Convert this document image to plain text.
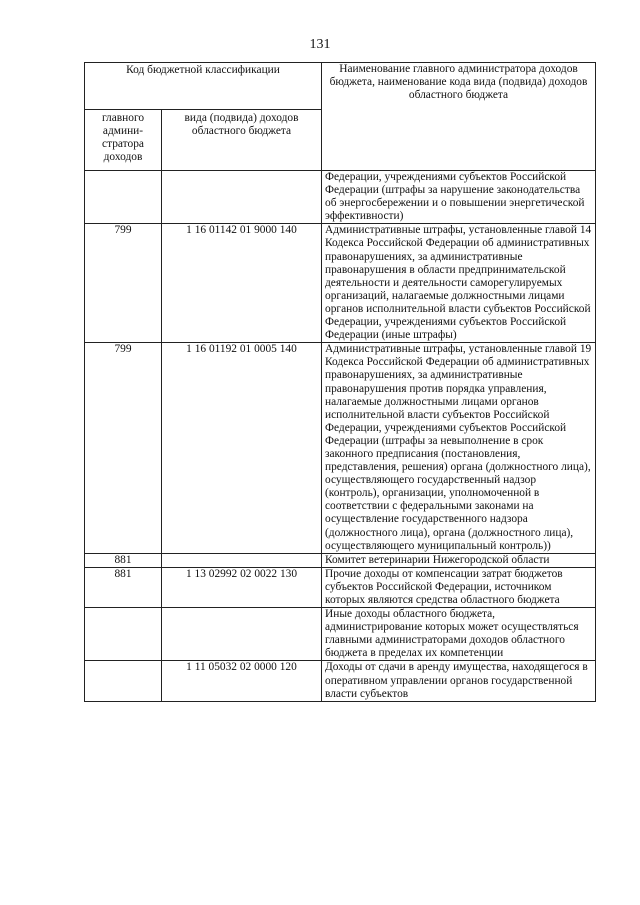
131
Код бюджетной классификации		Наименование главного администратора доходов бюджета, наименование кода вида (подвида) доходов областного бюджета
главного админи-стратора доходов	вида (подвида) доходов областного бюджета	
		Федерации, учреждениями субъектов Российской Федерации (штрафы за нарушение законодательства об энергосбережении и о повышении энергетической эффективности)
799	1 16 01142 01 9000 140	Административные штрафы, установленные главой 14 Кодекса Российской Федерации об административных правонарушениях, за административные правонарушения в области предпринимательской деятельности и деятельности саморегулируемых организаций, налагаемые должностными лицами органов исполнительной власти субъектов Российской Федерации, учреждениями субъектов Российской Федерации (иные штрафы)
799	1 16 01192 01 0005 140	Административные штрафы, установленные главой 19 Кодекса Российской Федерации об административных правонарушениях, за административные правонарушения против порядка управления, налагаемые должностными лицами органов исполнительной власти субъектов Российской Федерации, учреждениями субъектов Российской Федерации (штрафы за невыполнение в срок законного предписания (постановления, представления, решения) органа (должностного лица), осуществляющего государственный надзор (контроль), организации, уполномоченной в соответствии с федеральными законами на осуществление государственного надзора (должностного лица), органа (должностного лица), осуществляющего муниципальный контроль))
881		Комитет ветеринарии Нижегородской области
881	1 13 02992 02 0022 130	Прочие доходы от компенсации затрат бюджетов субъектов Российской Федерации, источником которых являются средства областного бюджета
		Иные доходы областного бюджета, администрирование которых может осуществляться главными администраторами доходов областного бюджета в пределах их компетенции
	1 11 05032 02 0000 120	Доходы от сдачи в аренду имущества, находящегося в оперативном управлении органов государственной власти субъектов
